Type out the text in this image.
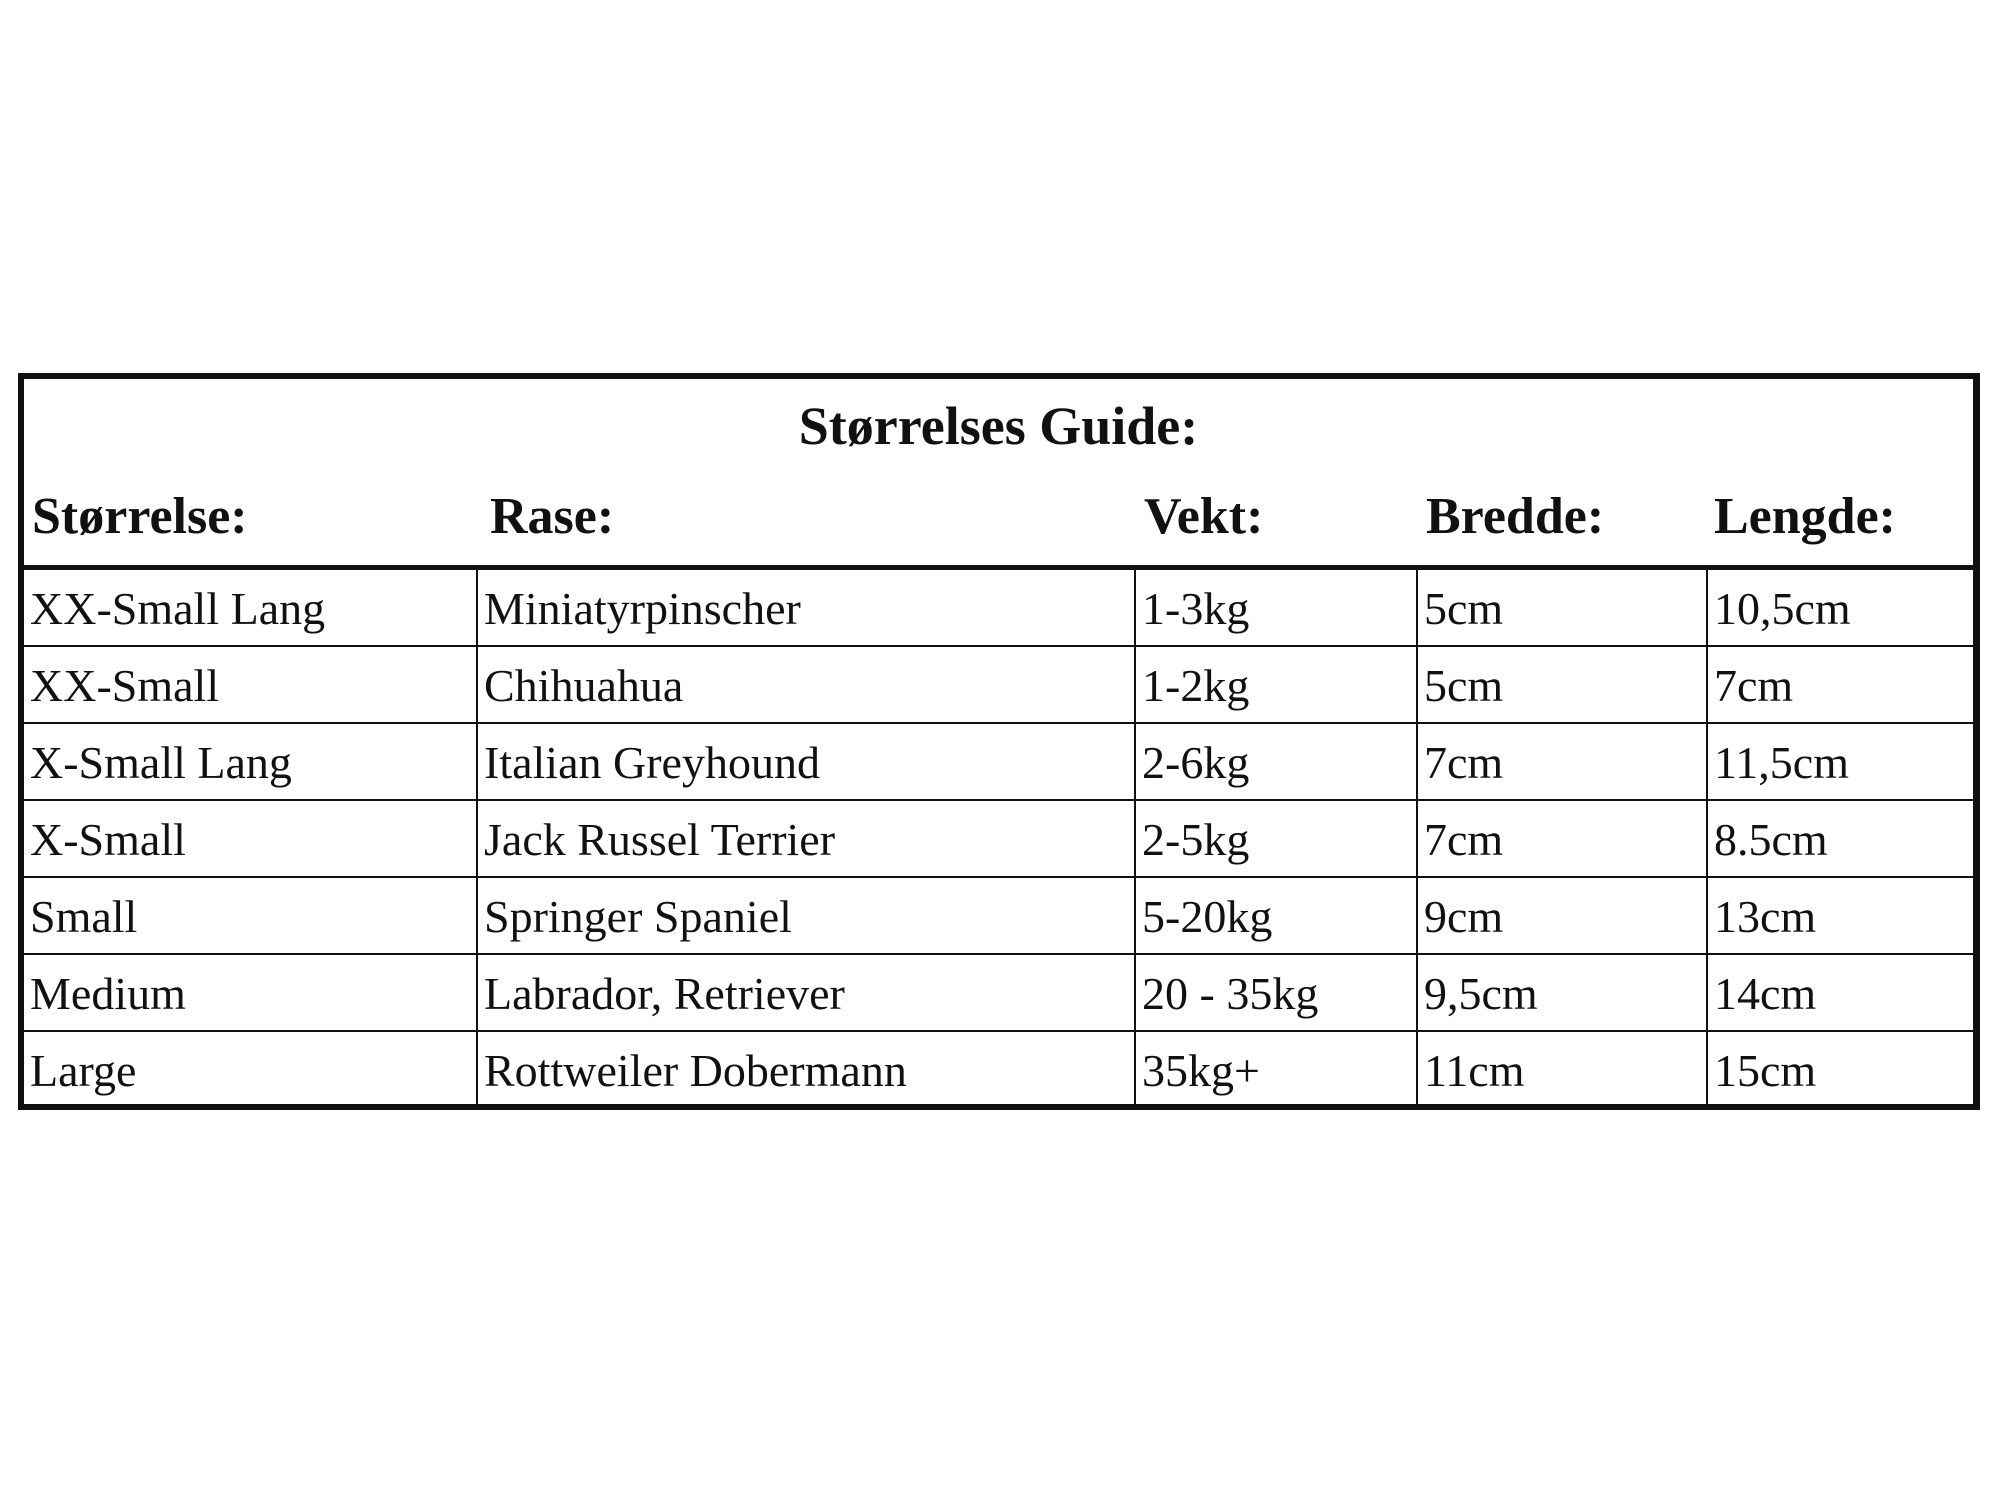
Størrelses Guide:
Størrelse:	Rase:	Vekt:	Bredde: Lengde:
XX-Small Lang	Miniatyrpinscher	1-3kg	5cm	10,5cm
XX-Small	Chihuahua	1-2kg	5cm	7cm
X-Small Lang	Italian Greyhound	2-6kg	7cm	11,5cm
X-Small	Jack Russel Terrier	2-5kg	7cm	8.5cm
Small	Springer Spaniel	5-20kg	9cm	13cm
Medium	Labrador, Retriever	20 - 35kg	9,5cm	14cm
Large	Rottweiler Dobermann	35kg+	11cm	15cm
